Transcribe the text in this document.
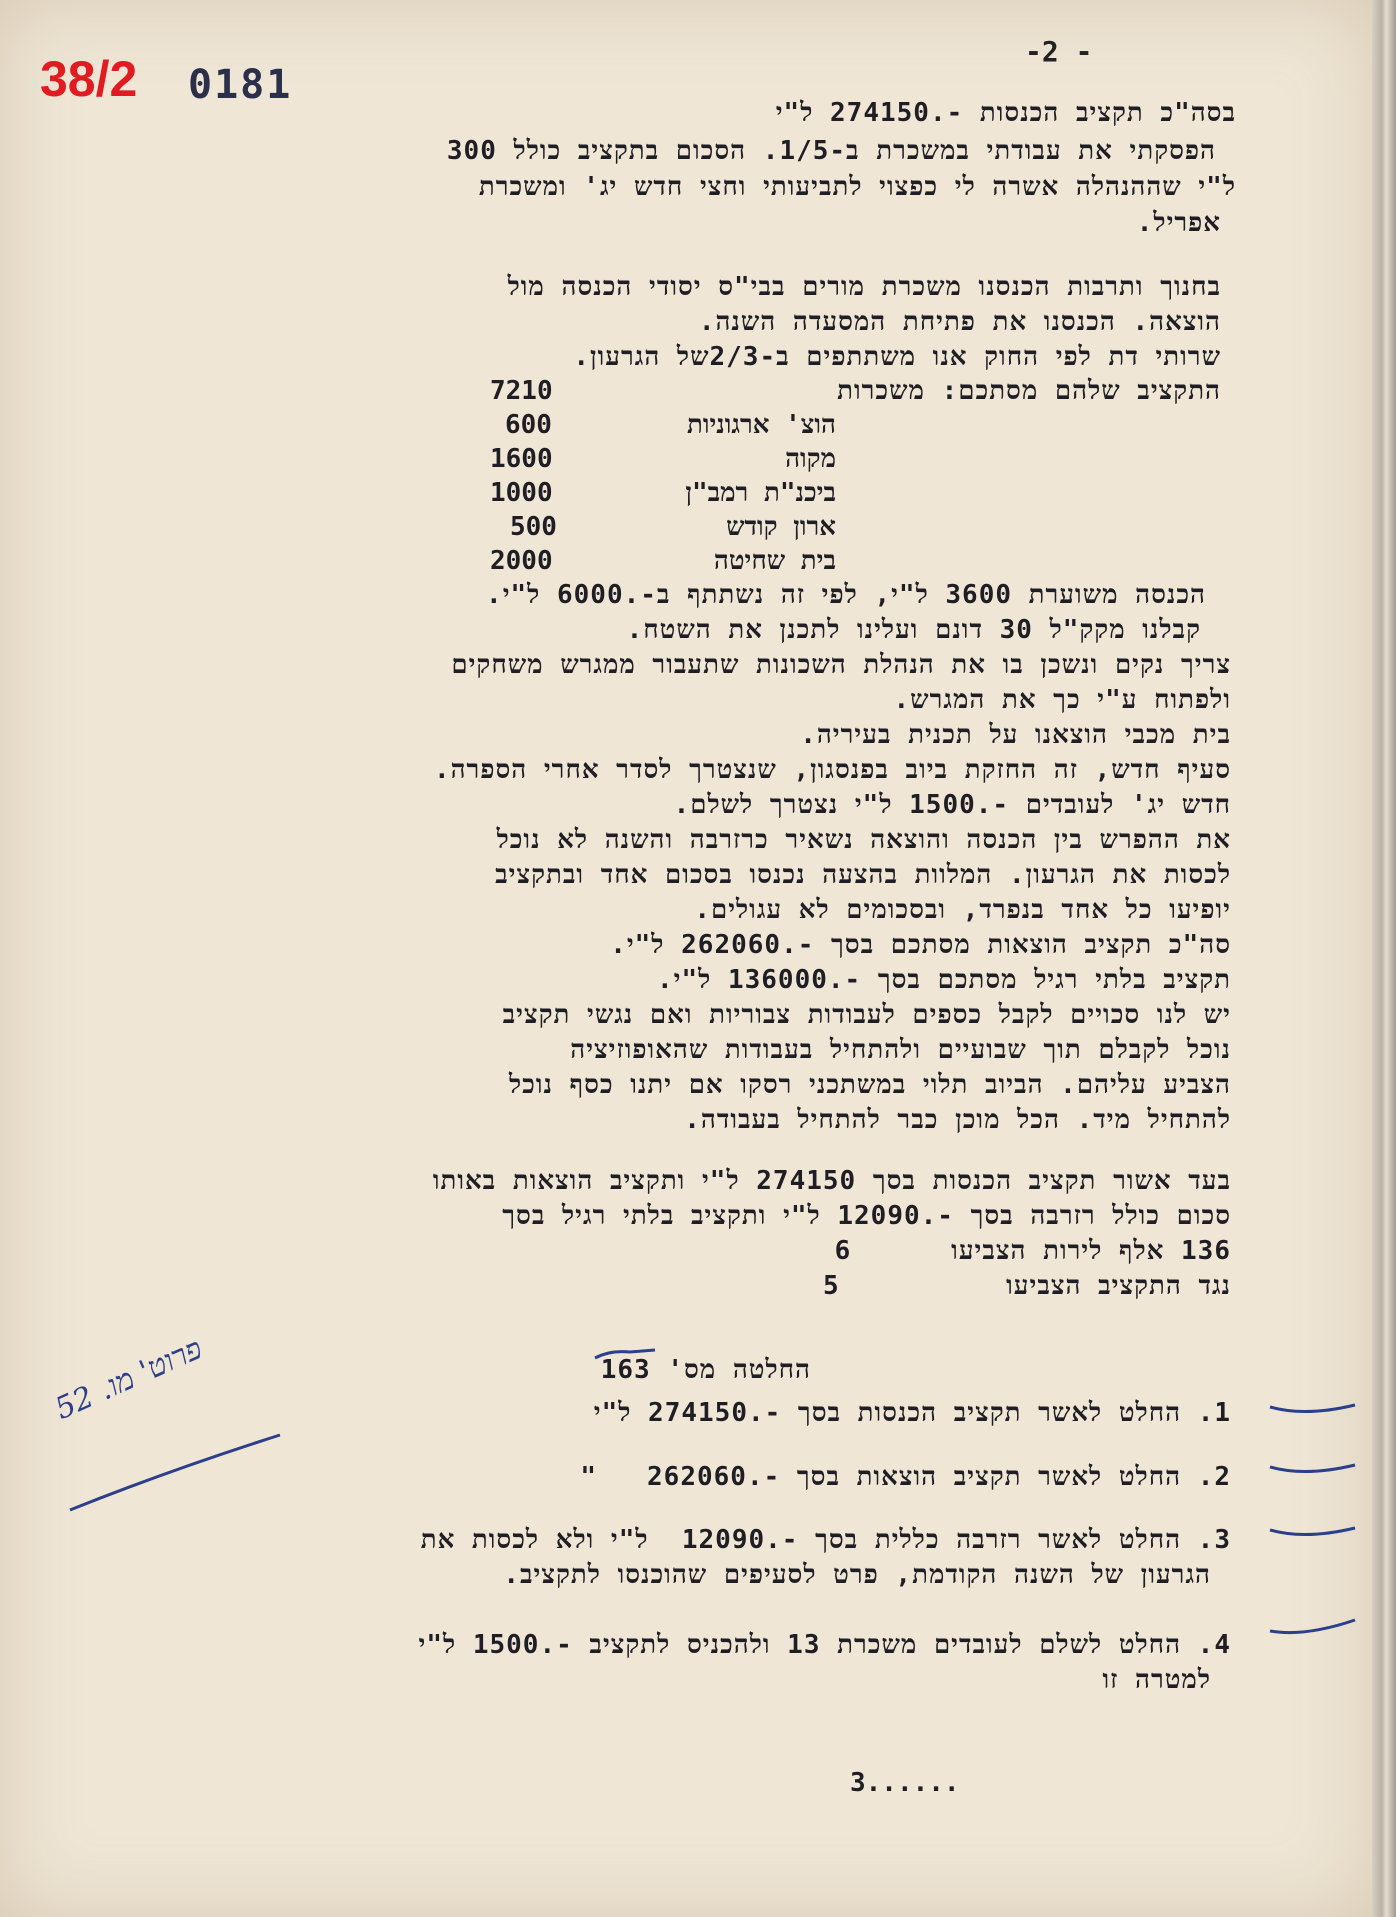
38/2 0181
-2 -
בסה"כ תקציב הכנסות -.274150 ל"י
הפסקתי את עבודתי במשכרת ב-1/5. הסכום בתקציב כולל 300
ל"י שההנהלה אשרה לי כפצוי לתביעותי וחצי חדש יג' ומשכרת
אפריל.
בחנוך ותרבות הכנסנו משכרת מורים בבי"ס יסודי הכנסה מול
הוצאה. הכנסנו את פתיחת המסעדה השנה.
שרותי דת לפי החוק אנו משתתפים ב-2/3של הגרעון.
התקציב שלהם מסתכם: משכרות
7210
הוצ' ארגוניות
600
מקוה
1600
ביכנ"ת רמב"ן
1000
ארון קודש
500
בית שחיטה
2000
הכנסה משוערת 3600 ל"י, לפי זה נשתתף ב-.6000 ל"י.
קבלנו מקק"ל 30 דונם ועלינו לתכנן את השטח.
צריך נקים ונשכן בו את הנהלת השכונות שתעבור ממגרש משחקים
ולפתוח ע"י כך את המגרש.
בית מכבי הוצאנו על תכנית בעיריה.
סעיף חדש, זה החזקת ביוב בפנסגון, שנצטרך לסדר אחרי הספרה.
חדש יג' לעובדים -.1500 ל"י נצטרך לשלם.
את ההפרש בין הכנסה והוצאה נשאיר כרזרבה והשנה לא נוכל
לכסות את הגרעון. המלוות בהצעה נכנסו בסכום אחד ובתקציב
יופיעו כל אחד בנפרד, ובסכומים לא עגולים.
סה"כ תקציב הוצאות מסתכם בסך -.262060 ל"י.
תקציב בלתי רגיל מסתכם בסך -.136000 ל"י.
יש לנו סכויים לקבל כספים לעבודות צבוריות ואם נגשי תקציב
נוכל לקבלם תוך שבועיים ולהתחיל בעבודות שהאופוזיציה
הצביע עליהם. הביוב תלוי במשתכני רסקו אם יתנו כסף נוכל
להתחיל מיד. הכל מוכן כבר להתחיל בעבודה.
בעד אשור תקציב הכנסות בסך 274150 ל"י ותקציב הוצאות באותו
סכום כולל רזרבה בסך -.12090 ל"י ותקציב בלתי רגיל בסך
136 אלף לירות הצביעו      6
נגד התקציב הצביעו          5
החלטה מס' 163
1. החלט לאשר תקציב הכנסות בסך -.274150 ל"י
2. החלט לאשר תקציב הוצאות בסך -.262060   "
3. החלט לאשר רזרבה כללית בסך -.12090  ל"י ולא לכסות את
הגרעון של השנה הקודמת, פרט לסעיפים שהוכנסו לתקציב.
4. החלט לשלם לעובדים משכרת 13 ולהכניס לתקציב -.1500 ל"י
למטרה זו
3......
פרוט' מו. 52
